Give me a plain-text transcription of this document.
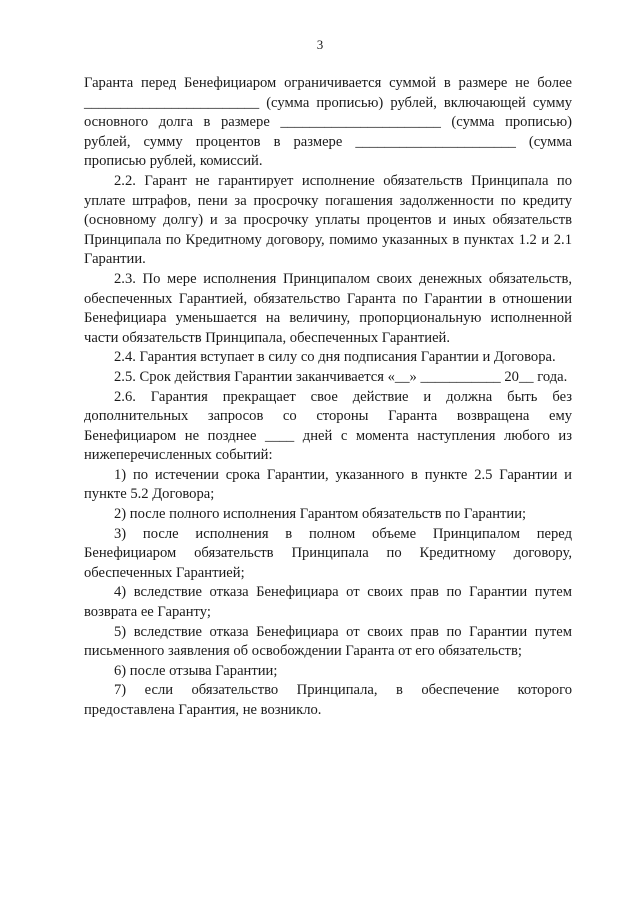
3

Гаранта перед Бенефициаром ограничивается суммой в размере не более ________________________ (сумма прописью) рублей, включающей сумму основного долга в размере ______________________ (сумма прописью) рублей, сумму процентов в размере ______________________ (сумма прописью рублей, комиссий.

2.2. Гарант не гарантирует исполнение обязательств Принципала по уплате штрафов, пени за просрочку погашения задолженности по кредиту (основному долгу) и за просрочку уплаты процентов и иных обязательств Принципала по Кредитному договору, помимо указанных в пунктах 1.2 и 2.1 Гарантии.

2.3. По мере исполнения Принципалом своих денежных обязательств, обеспеченных Гарантией, обязательство Гаранта по Гарантии в отношении Бенефициара уменьшается на величину, пропорциональную исполненной части обязательств Принципала, обеспеченных Гарантией.

2.4. Гарантия вступает в силу со дня подписания Гарантии и Договора.

2.5. Срок действия Гарантии заканчивается «__» ___________ 20__ года.

2.6. Гарантия прекращает свое действие и должна быть без дополнительных запросов со стороны Гаранта возвращена ему Бенефициаром не позднее ____ дней с момента наступления любого из нижеперечисленных событий:

1) по истечении срока Гарантии, указанного в пункте 2.5 Гарантии и пункте 5.2 Договора;

2) после полного исполнения Гарантом обязательств по Гарантии;

3) после исполнения в полном объеме Принципалом перед Бенефициаром обязательств Принципала по Кредитному договору, обеспеченных Гарантией;

4) вследствие отказа Бенефициара от своих прав по Гарантии путем возврата ее Гаранту;

5) вследствие отказа Бенефициара от своих прав по Гарантии путем письменного заявления об освобождении Гаранта от его обязательств;

6) после отзыва Гарантии;

7) если обязательство Принципала, в обеспечение которого предоставлена Гарантия, не возникло.
